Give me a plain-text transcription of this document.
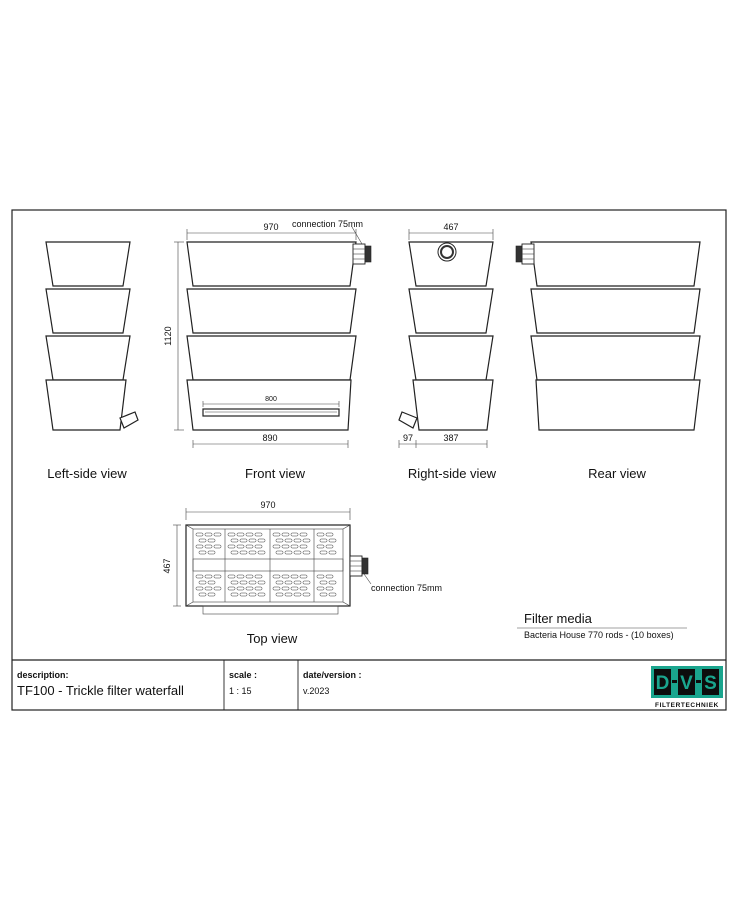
Left-side view
970
1120
800
890
connection 75mm
Front view
467
97	387
Right-side view	Rear view
connection 75mm
970
467
Top view
Filter media
Bacteria House 770 rods - (10 boxes)
description:
TF100 - Trickle filter waterfall
scale :
1 : 15
date/version :
v.2023	D V S
FILTERTECHNIEK
